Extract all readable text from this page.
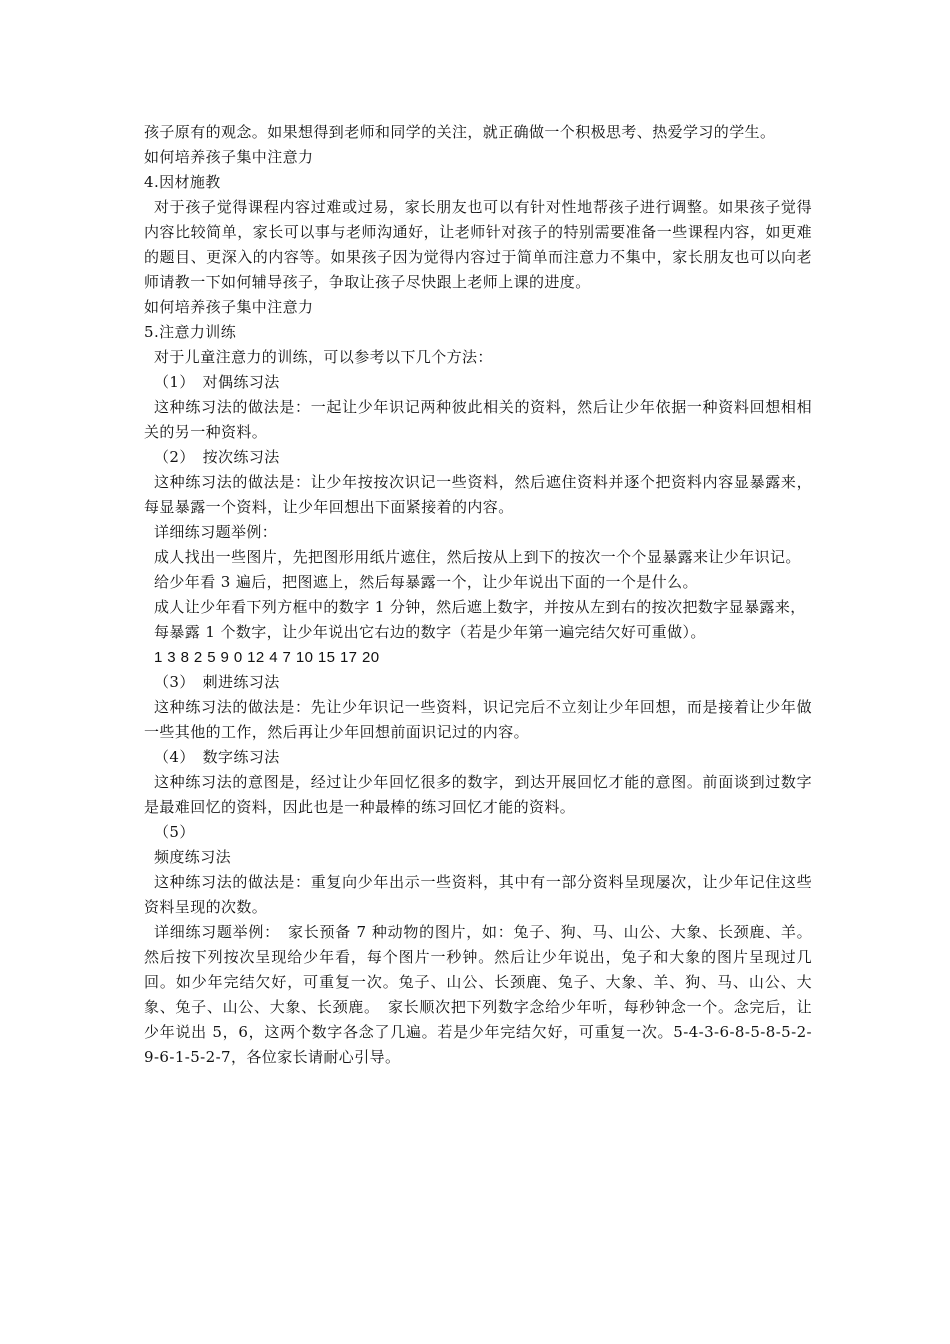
孩子原有的观念。如果想得到老师和同学的关注，就正确做一个积极思考、热爱学习的学生。

如何培养孩子集中注意力

4.因材施教

对于孩子觉得课程内容过难或过易，家长朋友也可以有针对性地帮孩子进行调整。如果孩子觉得内容比较简单，家长可以事与老师沟通好，让老师针对孩子的特别需要准备一些课程内容，如更难的题目、更深入的内容等。如果孩子因为觉得内容过于简单而注意力不集中，家长朋友也可以向老师请教一下如何辅导孩子，争取让孩子尽快跟上老师上课的进度。

如何培养孩子集中注意力

5.注意力训练

对于儿童注意力的训练，可以参考以下几个方法：

（1）　对偶练习法

这种练习法的做法是：一起让少年识记两种彼此相关的资料，然后让少年依据一种资料回想相相关的另一种资料。

（2）　按次练习法

这种练习法的做法是：让少年按按次识记一些资料，然后遮住资料并逐个把资料内容显暴露来，每显暴露一个资料，让少年回想出下面紧接着的内容。

详细练习题举例：

成人找出一些图片，先把图形用纸片遮住，然后按从上到下的按次一个个显暴露来让少年识记。

给少年看 3 遍后，把图遮上，然后每暴露一个，让少年说出下面的一个是什么。

成人让少年看下列方框中的数字 1 分钟，然后遮上数字，并按从左到右的按次把数字显暴露来，

每暴露 1 个数字，让少年说出它右边的数字（若是少年第一遍完结欠好可重做）。

1 3 8 2 5 9 0 12 4 7 10 15 17 20

（3）　刺进练习法

这种练习法的做法是：先让少年识记一些资料，识记完后不立刻让少年回想，而是接着让少年做一些其他的工作，然后再让少年回想前面识记过的内容。

（4）　数字练习法

这种练习法的意图是，经过让少年回忆很多的数字，到达开展回忆才能的意图。前面谈到过数字是最难回忆的资料，因此也是一种最棒的练习回忆才能的资料。

（5）

频度练习法

这种练习法的做法是：重复向少年出示一些资料，其中有一部分资料呈现屡次，让少年记住这些资料呈现的次数。

详细练习题举例：　家长预备 7 种动物的图片，如：兔子、狗、马、山公、大象、长颈鹿、羊。然后按下列按次呈现给少年看，每个图片一秒钟。然后让少年说出，兔子和大象的图片呈现过几回。如少年完结欠好，可重复一次。兔子、山公、长颈鹿、兔子、大象、羊、狗、马、山公、大象、兔子、山公、大象、长颈鹿。　家长顺次把下列数字念给少年听，每秒钟念一个。念完后，让少年说出 5，6，这两个数字各念了几遍。若是少年完结欠好，可重复一次。5-4-3-6-8-5-8-5-2-9-6-1-5-2-7，各位家长请耐心引导。
